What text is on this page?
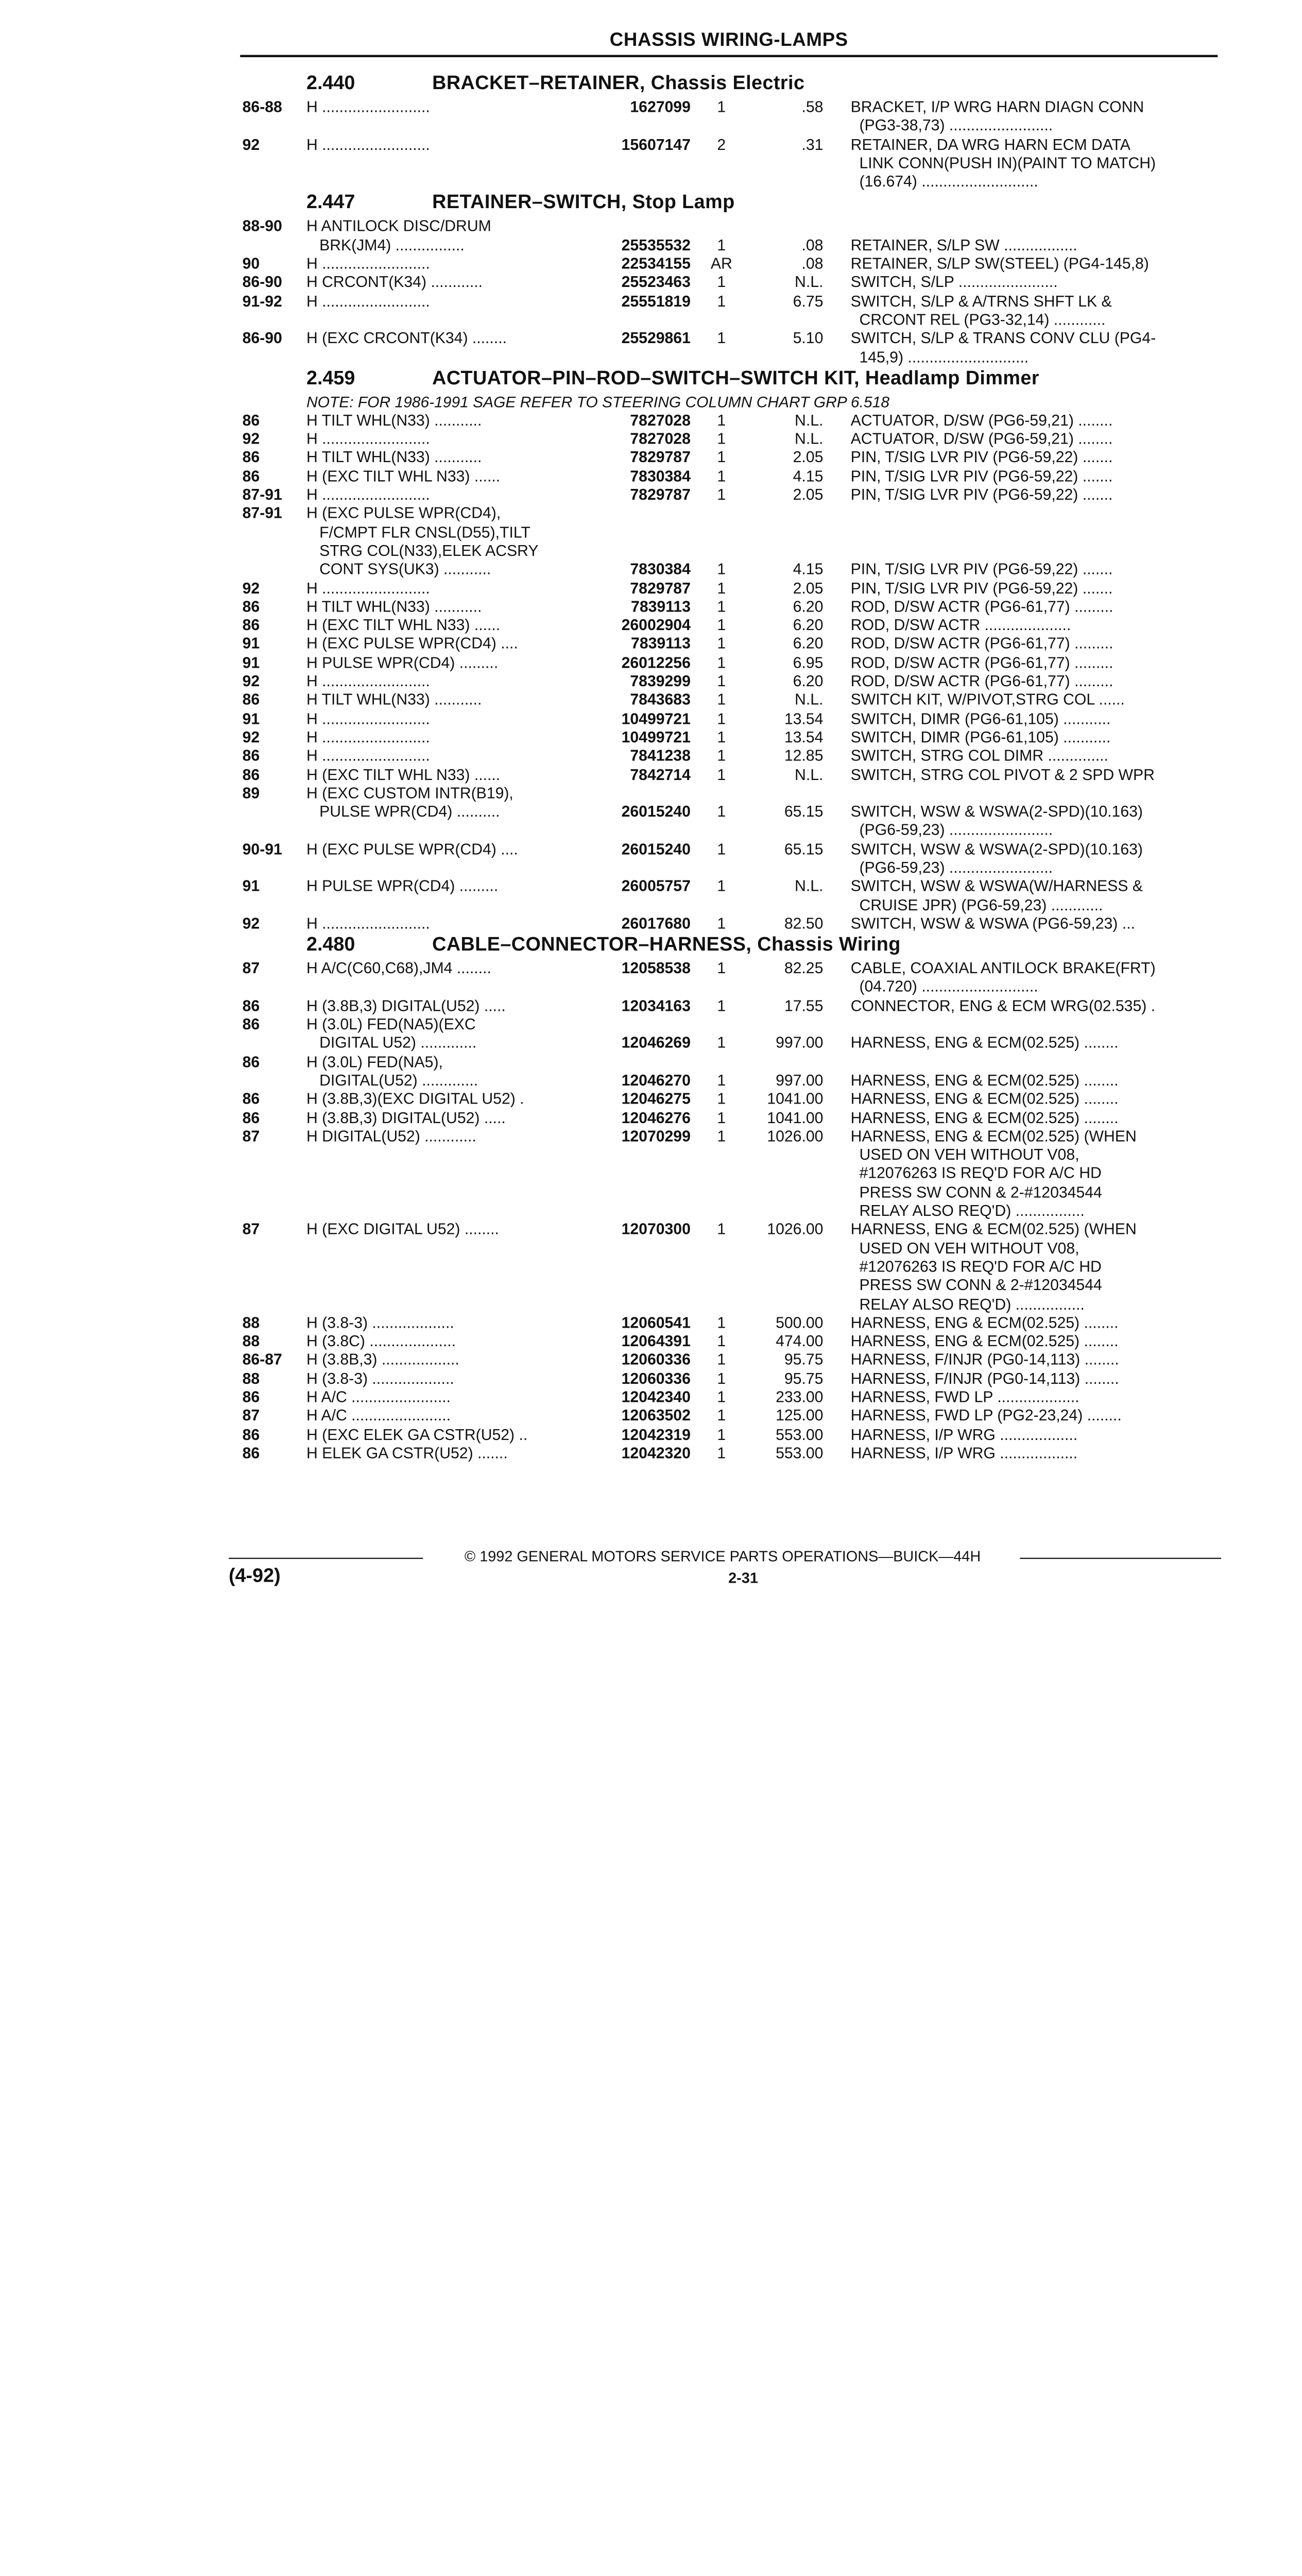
CHASSIS WIRING-LAMPS
2.440	BRACKET–RETAINER, Chassis Electric
86-88	H .........................	1627099	1	.58	BRACKET, I/P WRG HARN DIAGN CONN
(PG3-38,73) ........................
92	H .........................	15607147	2	.31	RETAINER, DA WRG HARN ECM DATA
LINK CONN(PUSH IN)(PAINT TO MATCH)
(16.674) ...........................
2.447	RETAINER–SWITCH, Stop Lamp
88-90	H ANTILOCK DISC/DRUM
BRK(JM4) ................	25535532	1	.08	RETAINER, S/LP SW .................
90	H .........................	22534155	AR	.08	RETAINER, S/LP SW(STEEL) (PG4-145,8)
86-90	H CRCONT(K34) ............	25523463	1	N.L.	SWITCH, S/LP .......................
91-92	H .........................	25551819	1	6.75	SWITCH, S/LP & A/TRNS SHFT LK &
CRCONT REL (PG3-32,14) ............
86-90	H (EXC CRCONT(K34) ........	25529861	1	5.10	SWITCH, S/LP & TRANS CONV CLU (PG4-
145,9) ............................
2.459	ACTUATOR–PIN–ROD–SWITCH–SWITCH KIT, Headlamp Dimmer
NOTE: FOR 1986-1991 SAGE REFER TO STEERING COLUMN CHART GRP 6.518
86	H TILT WHL(N33) ...........	7827028	1	N.L.	ACTUATOR, D/SW (PG6-59,21) ........
92	H .........................	7827028	1	N.L.	ACTUATOR, D/SW (PG6-59,21) ........
86	H TILT WHL(N33) ...........	7829787	1	2.05	PIN, T/SIG LVR PIV (PG6-59,22) .......
86	H (EXC TILT WHL N33) ......	7830384	1	4.15	PIN, T/SIG LVR PIV (PG6-59,22) .......
87-91	H .........................	7829787	1	2.05	PIN, T/SIG LVR PIV (PG6-59,22) .......
87-91	H (EXC PULSE WPR(CD4),
F/CMPT FLR CNSL(D55),TILT
STRG COL(N33),ELEK ACSRY
CONT SYS(UK3) ...........	7830384	1	4.15	PIN, T/SIG LVR PIV (PG6-59,22) .......
92	H .........................	7829787	1	2.05	PIN, T/SIG LVR PIV (PG6-59,22) .......
86	H TILT WHL(N33) ...........	7839113	1	6.20	ROD, D/SW ACTR (PG6-61,77) .........
86	H (EXC TILT WHL N33) ......	26002904	1	6.20	ROD, D/SW ACTR ....................
91	H (EXC PULSE WPR(CD4) ....	7839113	1	6.20	ROD, D/SW ACTR (PG6-61,77) .........
91	H PULSE WPR(CD4) .........	26012256	1	6.95	ROD, D/SW ACTR (PG6-61,77) .........
92	H .........................	7839299	1	6.20	ROD, D/SW ACTR (PG6-61,77) .........
86	H TILT WHL(N33) ...........	7843683	1	N.L.	SWITCH KIT, W/PIVOT,STRG COL ......
91	H .........................	10499721	1	13.54	SWITCH, DIMR (PG6-61,105) ...........
92	H .........................	10499721	1	13.54	SWITCH, DIMR (PG6-61,105) ...........
86	H .........................	7841238	1	12.85	SWITCH, STRG COL DIMR ..............
86	H (EXC TILT WHL N33) ......	7842714	1	N.L.	SWITCH, STRG COL PIVOT & 2 SPD WPR
89	H (EXC CUSTOM INTR(B19),
PULSE WPR(CD4) ..........	26015240	1	65.15	SWITCH, WSW & WSWA(2-SPD)(10.163)
(PG6-59,23) ........................
90-91	H (EXC PULSE WPR(CD4) ....	26015240	1	65.15	SWITCH, WSW & WSWA(2-SPD)(10.163)
(PG6-59,23) ........................
91	H PULSE WPR(CD4) .........	26005757	1	N.L.	SWITCH, WSW & WSWA(W/HARNESS &
CRUISE JPR) (PG6-59,23) ............
92	H .........................	26017680	1	82.50	SWITCH, WSW & WSWA (PG6-59,23) ...
2.480	CABLE–CONNECTOR–HARNESS, Chassis Wiring
87	H A/C(C60,C68),JM4 ........	12058538	1	82.25	CABLE, COAXIAL ANTILOCK BRAKE(FRT)
(04.720) ...........................
86	H (3.8B,3) DIGITAL(U52) .....	12034163	1	17.55	CONNECTOR, ENG & ECM WRG(02.535) .
86	H (3.0L) FED(NA5)(EXC
DIGITAL U52) .............	12046269	1	997.00	HARNESS, ENG & ECM(02.525) ........
86	H (3.0L) FED(NA5),
DIGITAL(U52) .............	12046270	1	997.00	HARNESS, ENG & ECM(02.525) ........
86	H (3.8B,3)(EXC DIGITAL U52) .	12046275	1	1041.00	HARNESS, ENG & ECM(02.525) ........
86	H (3.8B,3) DIGITAL(U52) .....	12046276	1	1041.00	HARNESS, ENG & ECM(02.525) ........
87	H DIGITAL(U52) ............	12070299	1	1026.00	HARNESS, ENG & ECM(02.525) (WHEN
USED ON VEH WITHOUT V08,
#12076263 IS REQ'D FOR A/C HD
PRESS SW CONN & 2-#12034544
RELAY ALSO REQ'D) ................
87	H (EXC DIGITAL U52) ........	12070300	1	1026.00	HARNESS, ENG & ECM(02.525) (WHEN
USED ON VEH WITHOUT V08,
#12076263 IS REQ'D FOR A/C HD
PRESS SW CONN & 2-#12034544
RELAY ALSO REQ'D) ................
88	H (3.8-3) ...................	12060541	1	500.00	HARNESS, ENG & ECM(02.525) ........
88	H (3.8C) ....................	12064391	1	474.00	HARNESS, ENG & ECM(02.525) ........
86-87	H (3.8B,3) ..................	12060336	1	95.75	HARNESS, F/INJR (PG0-14,113) ........
88	H (3.8-3) ...................	12060336	1	95.75	HARNESS, F/INJR (PG0-14,113) ........
86	H A/C .......................	12042340	1	233.00	HARNESS, FWD LP ...................
87	H A/C .......................	12063502	1	125.00	HARNESS, FWD LP (PG2-23,24) ........
86	H (EXC ELEK GA CSTR(U52) ..	12042319	1	553.00	HARNESS, I/P WRG ..................
86	H ELEK GA CSTR(U52) .......	12042320	1	553.00	HARNESS, I/P WRG ..................
© 1992 GENERAL MOTORS SERVICE PARTS OPERATIONS—BUICK—44H
(4-92)	2-31
